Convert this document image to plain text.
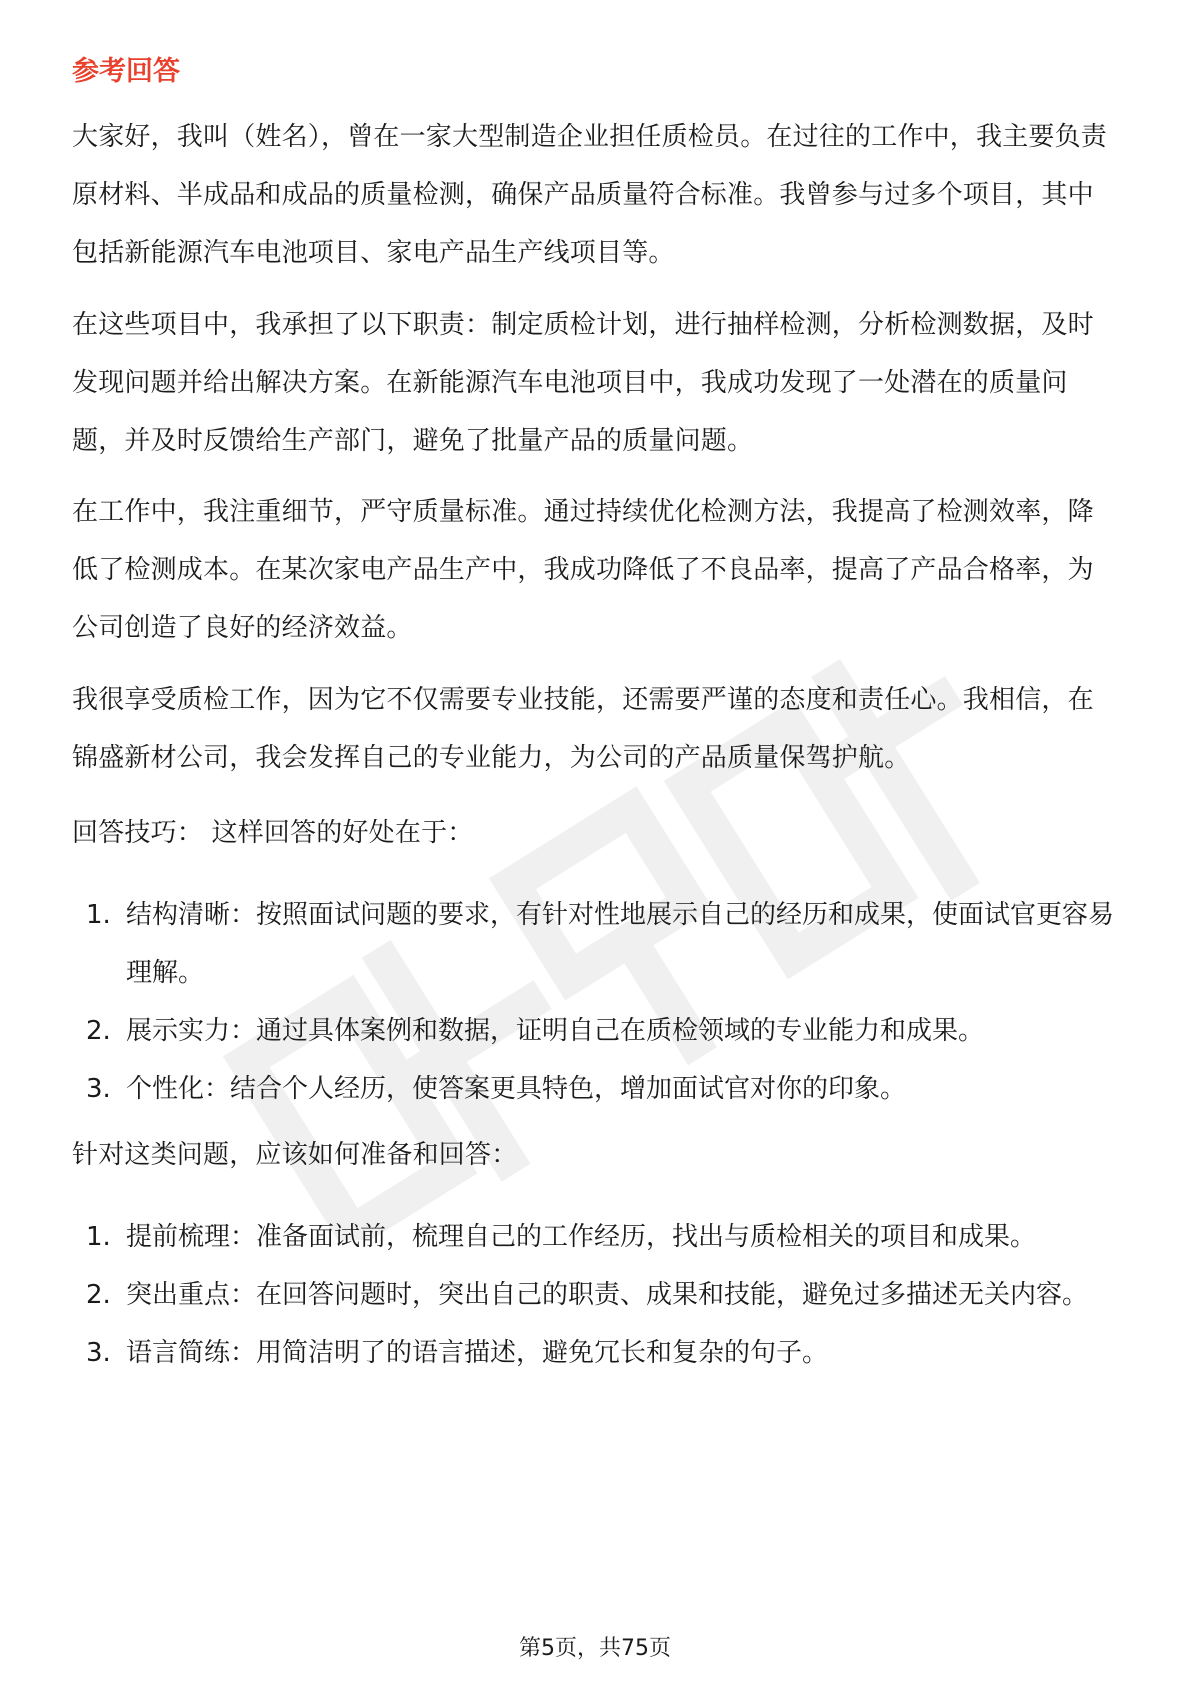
参考回答

大家好，我叫（姓名），曾在一家大型制造企业担任质检员。在过往的工作中，我主要负责原材料、半成品和成品的质量检测，确保产品质量符合标准。我曾参与过多个项目，其中包括新能源汽车电池项目、家电产品生产线项目等。

在这些项目中，我承担了以下职责：制定质检计划，进行抽样检测，分析检测数据，及时发现问题并给出解决方案。在新能源汽车电池项目中，我成功发现了一处潜在的质量问题，并及时反馈给生产部门，避免了批量产品的质量问题。

在工作中，我注重细节，严守质量标准。通过持续优化检测方法，我提高了检测效率，降低了检测成本。在某次家电产品生产中，我成功降低了不良品率，提高了产品合格率，为公司创造了良好的经济效益。

我很享受质检工作，因为它不仅需要专业技能，还需要严谨的态度和责任心。我相信，在锦盛新材公司，我会发挥自己的专业能力，为公司的产品质量保驾护航。

回答技巧： 这样回答的好处在于：

1. 结构清晰：按照面试问题的要求，有针对性地展示自己的经历和成果，使面试官更容易理解。
2. 展示实力：通过具体案例和数据，证明自己在质检领域的专业能力和成果。
3. 个性化：结合个人经历，使答案更具特色，增加面试官对你的印象。

针对这类问题，应该如何准备和回答：

1. 提前梳理：准备面试前，梳理自己的工作经历，找出与质检相关的项目和成果。
2. 突出重点：在回答问题时，突出自己的职责、成果和技能，避免过多描述无关内容。
3. 语言简练：用简洁明了的语言描述，避免冗长和复杂的句子。
第5页，共75页
